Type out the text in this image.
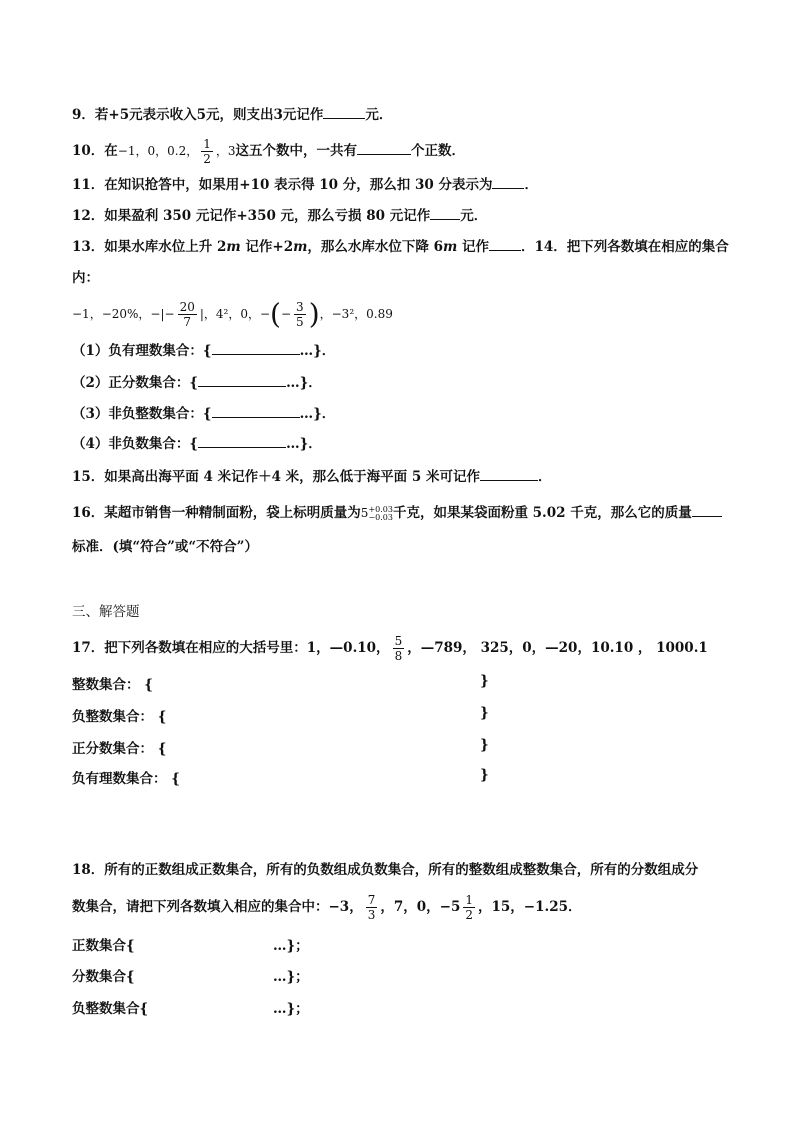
9．若+5元表示收入5元，则支出3元记作	元．
10．在−1，0，0.2， $\frac{1}{2}$ ，3这五个数中，一共有	个正数．
11．在知识抢答中，如果用+10 表示得 10 分，那么扣 30 分表示为 ．
12．如果盈利 350 元记作+350 元，那么亏损 80 元记作 元．
13．如果水库水位上升 2m 记作+2m，那么水库水位下降 6m 记作 ．14．把下列各数填在相应的集合
内：
−1，−20%，−|− $\frac{20}{7}$ |，4²，0，−(− $\frac{3}{5}$ )，−3²，0.89
（1）负有理数集合：{	…}．
（2）正分数集合：{	…}．
（3）非负整数集合：{	…}．
（4）非负数集合：{	…}．
15．如果高出海平面 4 米记作＋4 米，那么低于海平面 5 米可记作	．
16．某超市销售一种精制面粉，袋上标明质量为5+0.03
−0.03千克，如果某袋面粉重 5.02 千克，那么它的质量
标准．(填“符合”或“不符合”）
三、解答题
17．把下列各数填在相应的大括号里：1，—0.10， $\frac{5}{8}$ ，—789， 325，0，—20，10.10 ， 1000.1
整数集合： {	}
负整数集合： {	}
正分数集合： {	}
负有理数集合： {	}
18．所有的正数组成正数集合，所有的负数组成负数集合，所有的整数组成整数集合，所有的分数组成分
数集合，请把下列各数填入相应的集合中：−3， $\frac{7}{3}$ ，7，0，$-5 \frac{1}{2}$ ，15，−1.25．
正数集合{	…}；
分数集合{	…}；
负整数集合{	…}；
